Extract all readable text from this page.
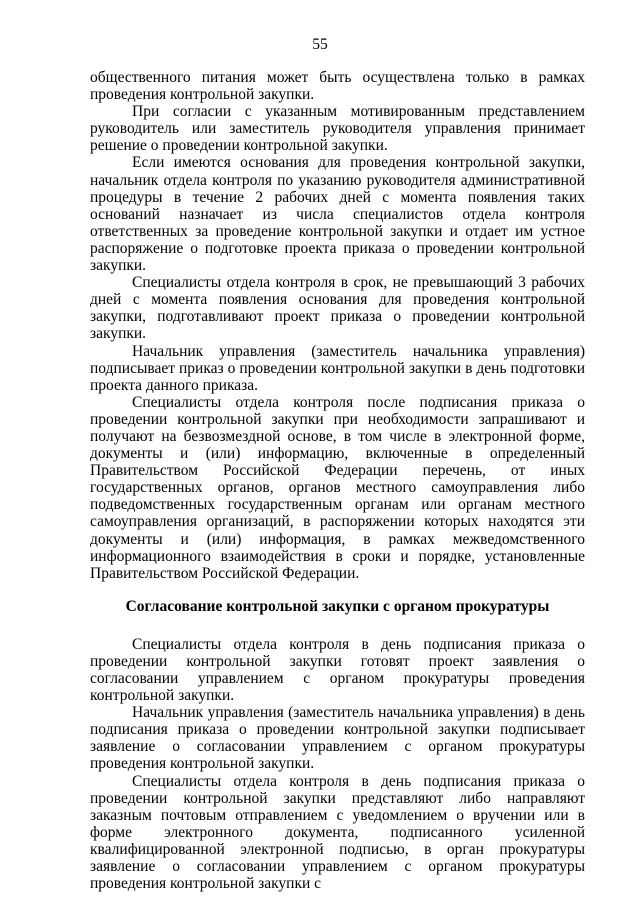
55

общественного питания может быть осуществлена только в рамках проведения контрольной закупки.

При согласии с указанным мотивированным представлением руководитель или заместитель руководителя управления принимает решение о проведении контрольной закупки.

Если имеются основания для проведения контрольной закупки, начальник отдела контроля по указанию руководителя административной процедуры в течение 2 рабочих дней с момента появления таких оснований назначает из числа специалистов отдела контроля ответственных за проведение контрольной закупки и отдает им устное распоряжение о подготовке проекта приказа о проведении контрольной закупки.

Специалисты отдела контроля в срок, не превышающий 3 рабочих дней с момента появления основания для проведения контрольной закупки, подготавливают проект приказа о проведении контрольной закупки.

Начальник управления (заместитель начальника управления) подписывает приказ о проведении контрольной закупки в день подготовки проекта данного приказа.

Специалисты отдела контроля после подписания приказа о проведении контрольной закупки при необходимости запрашивают и получают на безвозмездной основе, в том числе в электронной форме, документы и (или) информацию, включенные в определенный Правительством Российской Федерации перечень, от иных государственных органов, органов местного самоуправления либо подведомственных государственным органам или органам местного самоуправления организаций, в распоряжении которых находятся эти документы и (или) информация, в рамках межведомственного информационного взаимодействия в сроки и порядке, установленные Правительством Российской Федерации.

Согласование контрольной закупки с органом прокуратуры

Специалисты отдела контроля в день подписания приказа о проведении контрольной закупки готовят проект заявления о согласовании управлением с органом прокуратуры проведения контрольной закупки.

Начальник управления (заместитель начальника управления) в день подписания приказа о проведении контрольной закупки подписывает заявление о согласовании управлением с органом прокуратуры проведения контрольной закупки.

Специалисты отдела контроля в день подписания приказа о проведении контрольной закупки представляют либо направляют заказным почтовым отправлением с уведомлением о вручении или в форме электронного документа, подписанного усиленной квалифицированной электронной подписью, в орган прокуратуры заявление о согласовании управлением с органом прокуратуры проведения контрольной закупки с
